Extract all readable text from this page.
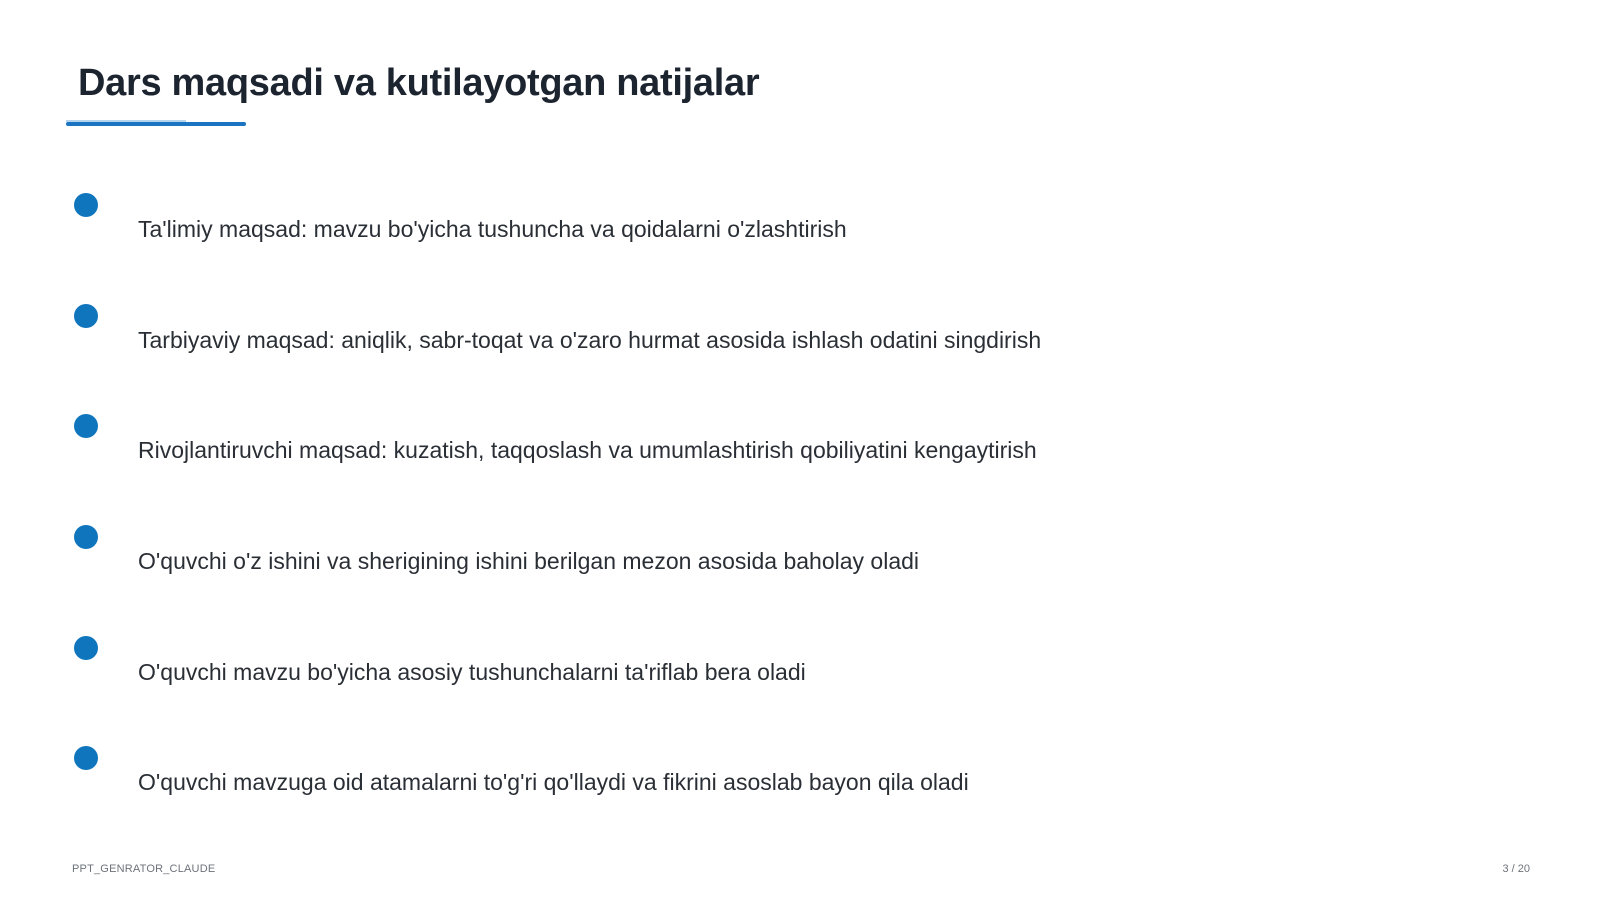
Dars maqsadi va kutilayotgan natijalar
Ta'limiy maqsad: mavzu bo'yicha tushuncha va qoidalarni o'zlashtirish
Tarbiyaviy maqsad: aniqlik, sabr-toqat va o'zaro hurmat asosida ishlash odatini singdirish
Rivojlantiruvchi maqsad: kuzatish, taqqoslash va umumlashtirish qobiliyatini kengaytirish
O'quvchi o'z ishini va sherigining ishini berilgan mezon asosida baholay oladi
O'quvchi mavzu bo'yicha asosiy tushunchalarni ta'riflab bera oladi
O'quvchi mavzuga oid atamalarni to'g'ri qo'llaydi va fikrini asoslab bayon qila oladi
PPT_GENRATOR_CLAUDE	3 / 20
